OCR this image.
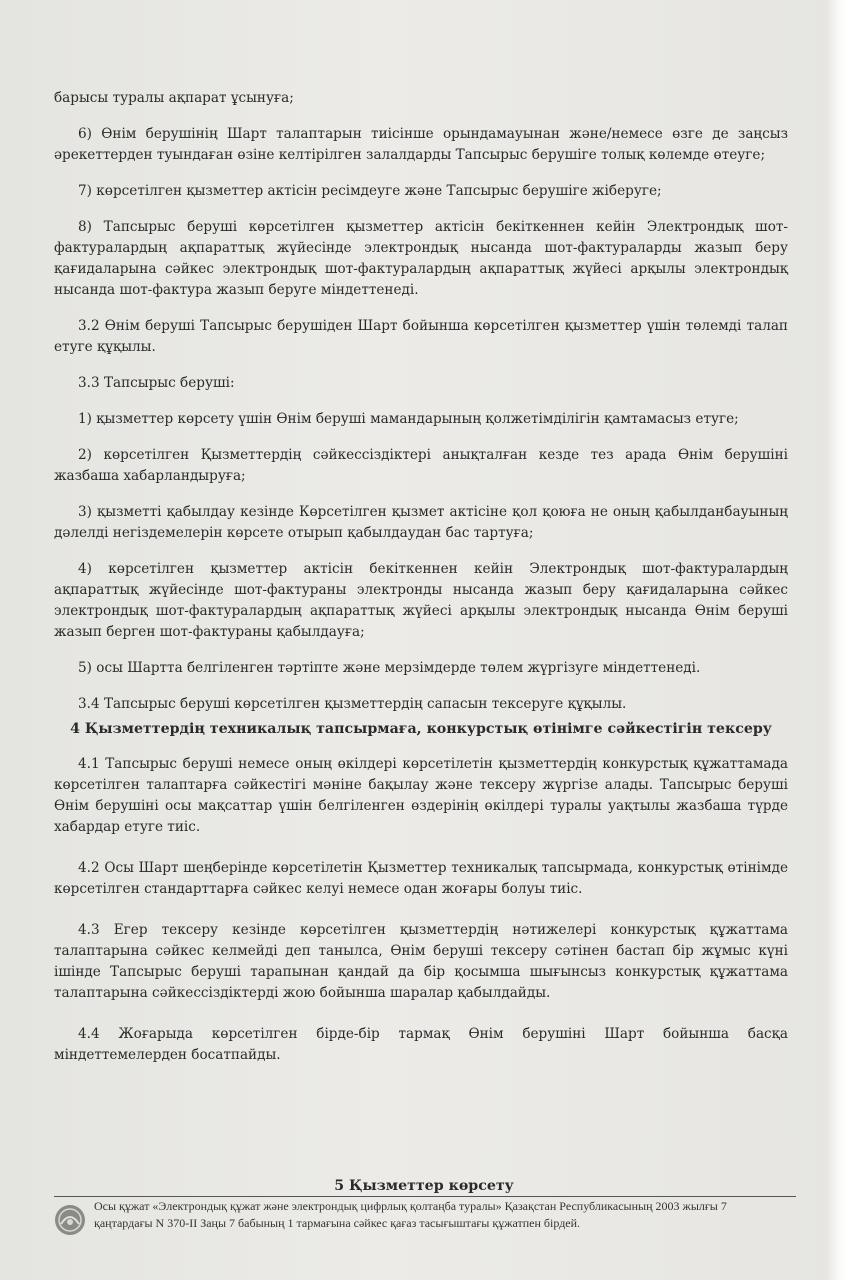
барысы туралы ақпарат ұсынуға;

6) Өнім берушінің Шарт талаптарын тиісінше орындамауынан және/немесе өзге де заңсыз әрекеттерден туындаған өзіне келтірілген залалдарды Тапсырыс берушіге толық көлемде өтеуге;

7) көрсетілген қызметтер актісін ресімдеуге және Тапсырыс берушіге жіберуге;

8) Тапсырыс беруші көрсетілген қызметтер актісін бекіткеннен кейін Электрондық шот-фактуралардың ақпараттық жүйесінде электрондық нысанда шот-фактураларды жазып беру қағидаларына сәйкес электрондық шот-фактуралардың ақпараттық жүйесі арқылы электрондық нысанда шот-фактура жазып беруге міндеттенеді.

3.2 Өнім беруші Тапсырыс берушіден Шарт бойынша көрсетілген қызметтер үшін төлемді талап етуге құқылы.

3.3 Тапсырыс беруші:

1) қызметтер көрсету үшін Өнім беруші мамандарының қолжетімділігін қамтамасыз етуге;

2) көрсетілген Қызметтердің сәйкессіздіктері анықталған кезде тез арада Өнім берушіні жазбаша хабарландыруға;

3) қызметті қабылдау кезінде Көрсетілген қызмет актісіне қол қоюға не оның қабылданбауының дәлелді негіздемелерін көрсете отырып қабылдаудан бас тартуға;

4) көрсетілген қызметтер актісін бекіткеннен кейін Электрондық шот-фактуралардың ақпараттық жүйесінде шот-фактураны электронды нысанда жазып беру қағидаларына сәйкес электрондық шот-фактуралардың ақпараттық жүйесі арқылы электрондық нысанда Өнім беруші жазып берген шот-фактураны қабылдауға;

5) осы Шартта белгіленген тәртіпте және мерзімдерде төлем жүргізуге міндеттенеді.

3.4 Тапсырыс беруші көрсетілген қызметтердің сапасын тексеруге құқылы.

4 Қызметтердің техникалық тапсырмаға, конкурстық өтінімге сәйкестігін тексеру

4.1 Тапсырыс беруші немесе оның өкілдері көрсетілетін қызметтердің конкурстық құжаттамада көрсетілген талаптарға сәйкестігі мәніне бақылау және тексеру жүргізе алады. Тапсырыс беруші Өнім берушіні осы мақсаттар үшін белгіленген өздерінің өкілдері туралы уақтылы жазбаша түрде хабардар етуге тиіс.

4.2 Осы Шарт шеңберінде көрсетілетін Қызметтер техникалық тапсырмада, конкурстық өтінімде көрсетілген стандарттарға сәйкес келуі немесе одан жоғары болуы тиіс.

4.3 Егер тексеру кезінде көрсетілген қызметтердің нәтижелері конкурстық құжаттама талаптарына сәйкес келмейді деп танылса, Өнім беруші тексеру сәтінен бастап бір жұмыс күні ішінде Тапсырыс беруші тарапынан қандай да бір қосымша шығынсыз конкурстық құжаттама талаптарына сәйкессіздіктерді жою бойынша шаралар қабылдайды.

4.4 Жоғарыда көрсетілген бірде-бір тармақ Өнім берушіні Шарт бойынша басқа міндеттемелерден босатпайды.

5 Қызметтер көрсету
Осы құжат «Электрондық құжат және электрондық цифрлық қолтаңба туралы» Қазақстан Республикасының 2003 жылғы 7 қаңтардағы N 370-II Заңы 7 бабының 1 тармағына сәйкес қағаз тасығыштағы құжатпен бірдей.
